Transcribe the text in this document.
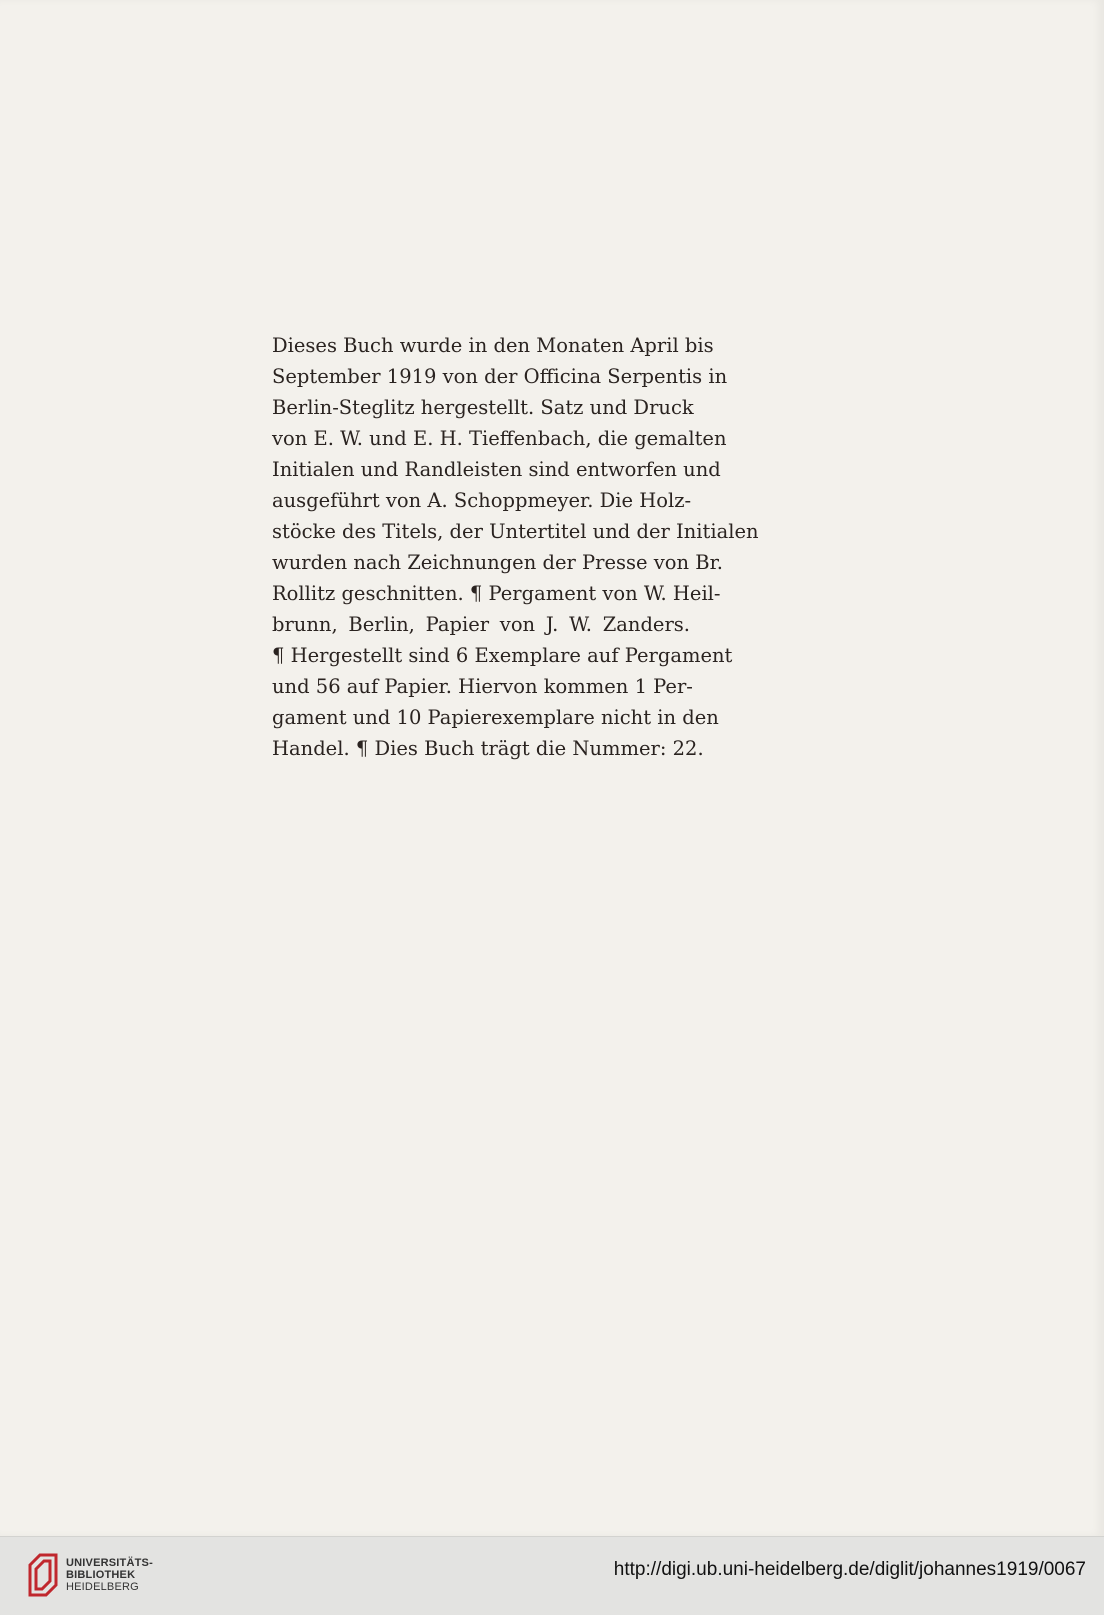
Dieses Buch wurde in den Monaten April bis
September 1919 von der Officina Serpentis in
Berlin-Steglitz hergestellt. Satz und Druck
von E. W. und E. H. Tieffenbach, die gemalten
Initialen und Randleisten sind entworfen und
ausgeführt von A. Schoppmeyer. Die Holz-
stöcke des Titels, der Untertitel und der Initialen
wurden nach Zeichnungen der Presse von Br.
Rollitz geschnitten. ¶ Pergament von W. Heil-
brunn, Berlin, Papier von J. W. Zanders.
¶ Hergestellt sind 6 Exemplare auf Pergament
und 56 auf Papier. Hiervon kommen 1 Per-
gament und 10 Papierexemplare nicht in den
Handel. ¶ Dies Buch trägt die Nummer: 22.
UNIVERSITÄTS-
BIBLIOTHEK
HEIDELBERG
http://digi.ub.uni-heidelberg.de/diglit/johannes1919/0067
